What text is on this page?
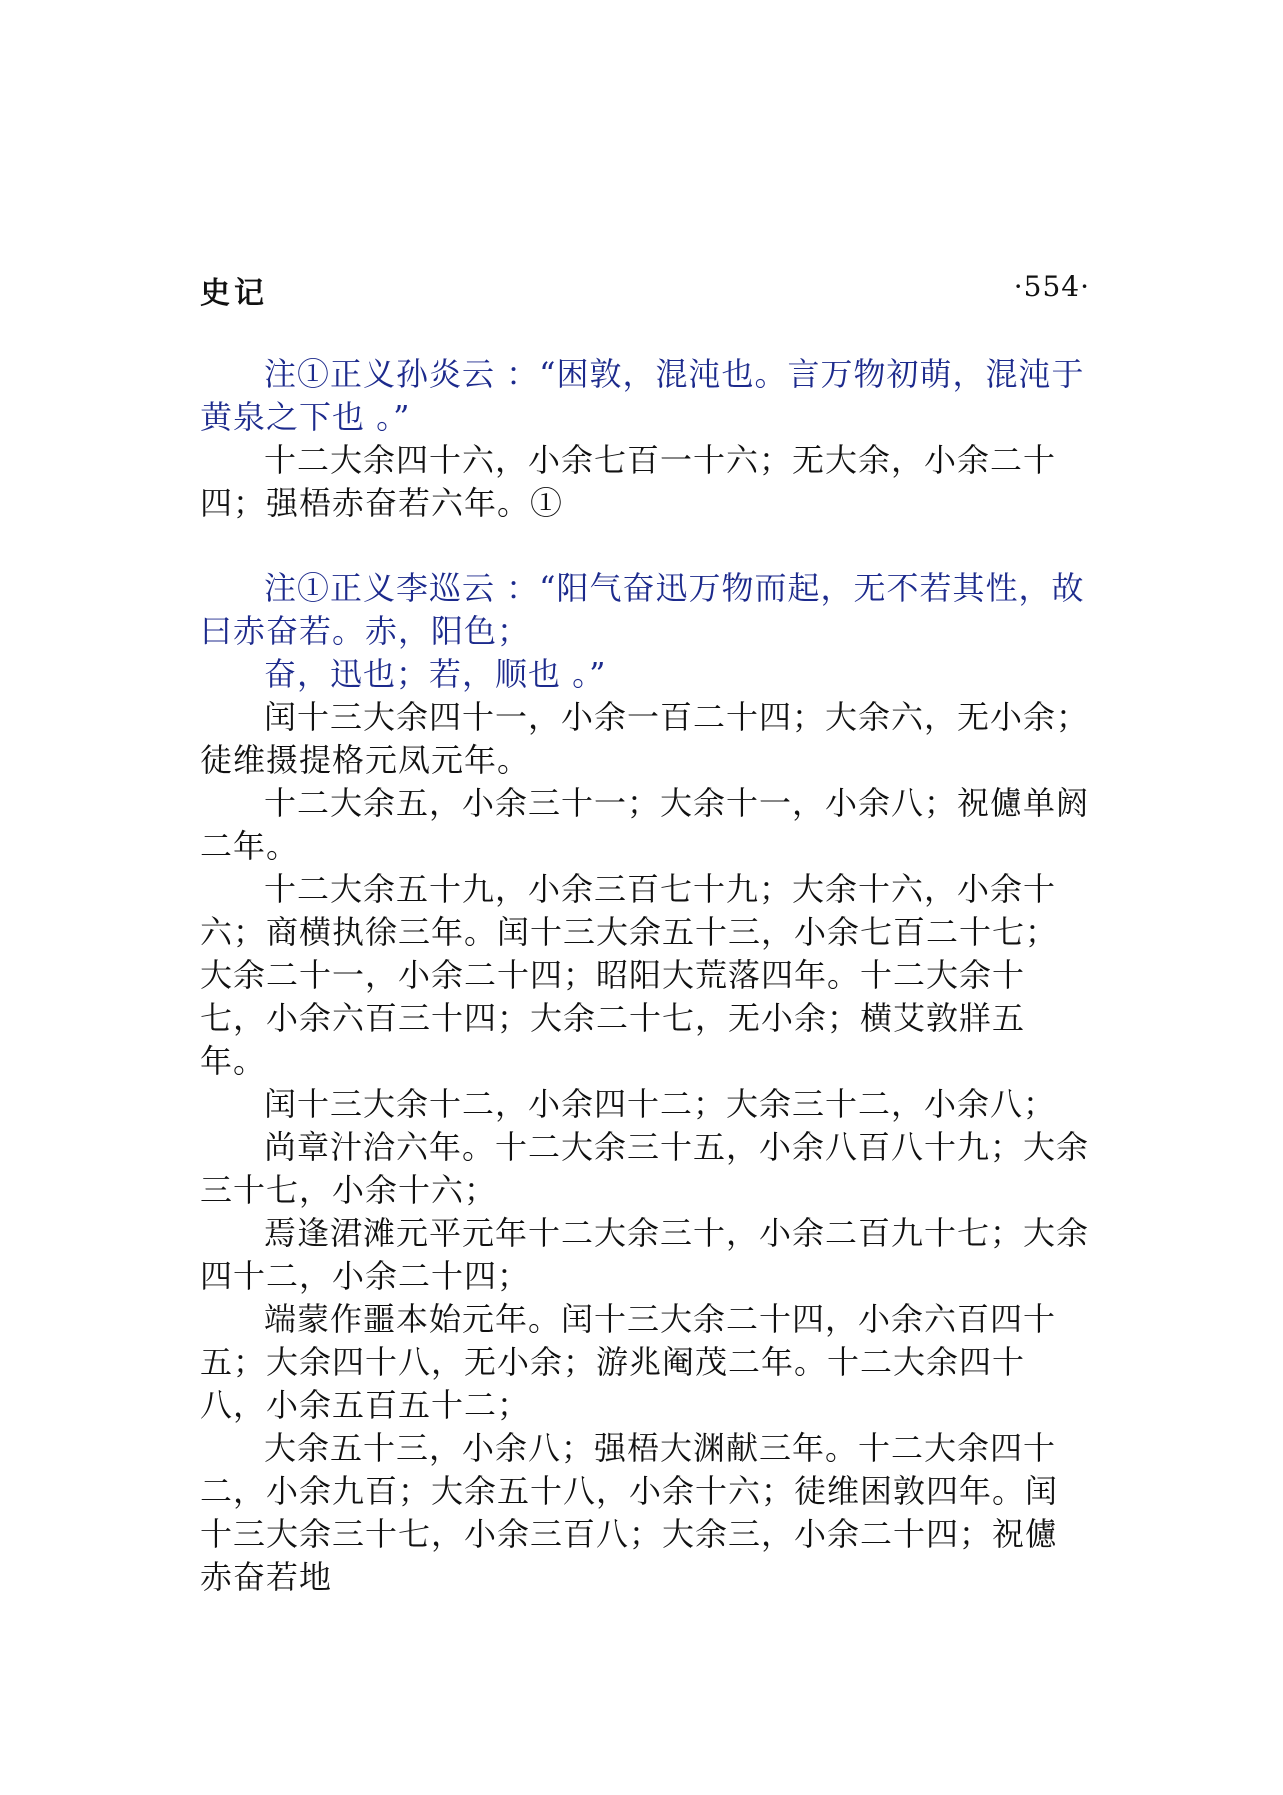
史记	·554·

注①正义孙炎云 ：“困敦，混沌也。言万物初萌，混沌于黄泉之下也 。”

十二大余四十六，小余七百一十六；无大余，小余二十四；强梧赤奋若六年。①

注①正义李巡云 ：“阳气奋迅万物而起，无不若其性，故曰赤奋若。赤，阳色；

奋，迅也；若，顺也 。”

闰十三大余四十一，小余一百二十四；大余六，无小余；徒维摄提格元凤元年。

十二大余五，小余三十一；大余十一，小余八；祝儢单阏二年。

十二大余五十九，小余三百七十九；大余十六，小余十六；商横执徐三年。闰十三大余五十三，小余七百二十七；大余二十一，小余二十四；昭阳大荒落四年。十二大余十七，小余六百三十四；大余二十七，无小余；横艾敦牂五年。

闰十三大余十二，小余四十二；大余三十二，小余八；

尚章汁洽六年。十二大余三十五，小余八百八十九；大余三十七，小余十六；

焉逢涒滩元平元年十二大余三十，小余二百九十七；大余四十二，小余二十四；

端蒙作噩本始元年。闰十三大余二十四，小余六百四十五；大余四十八，无小余；游兆阉茂二年。十二大余四十八，小余五百五十二；

大余五十三，小余八；强梧大渊献三年。十二大余四十二，小余九百；大余五十八，小余十六；徒维困敦四年。闰十三大余三十七，小余三百八；大余三，小余二十四；祝儢赤奋若地
